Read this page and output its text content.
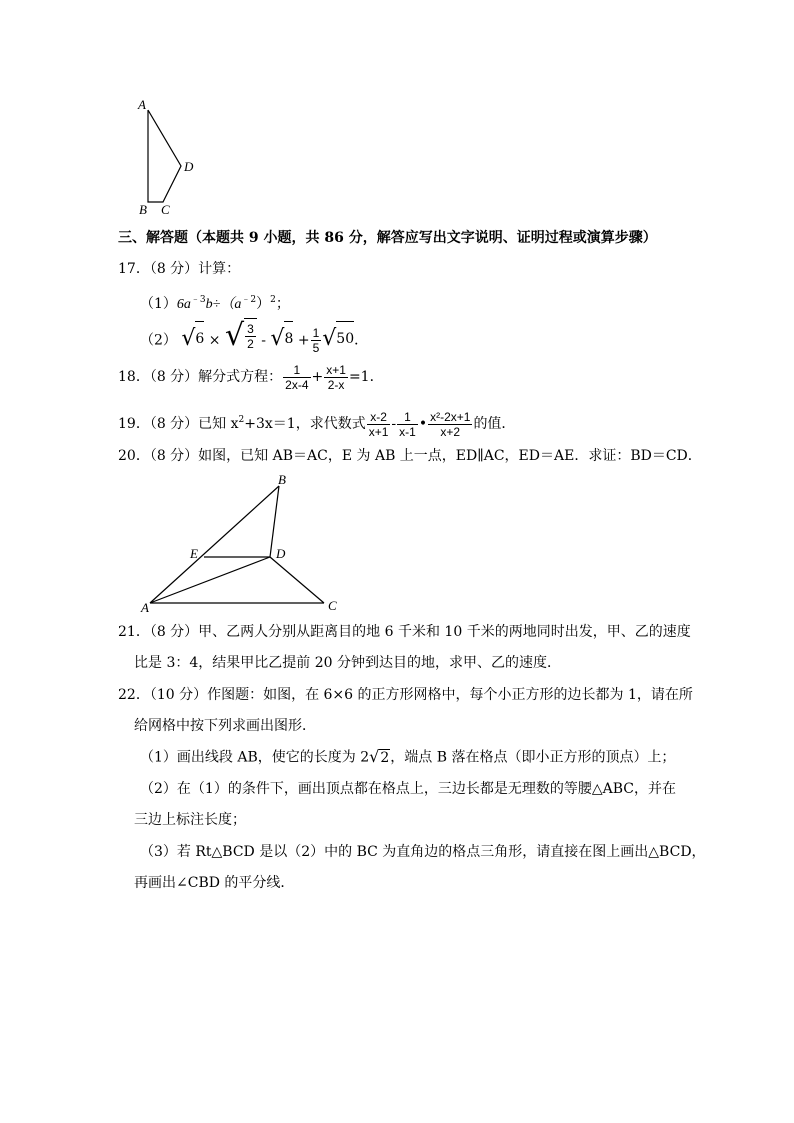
A
B C
D
三、解答题（本题共 9 小题，共 86 分，解答应写出文字说明、证明过程或演算步骤）
17．（8 分）计算：
$(1)6a^{﹣3}b\div(a^{﹣2})^2$；
（2） √ 6 × √ $\frac{3}{2}$ - √ $8 + \frac{1}{5}$ √ 50 ．
18．（8 分）解分式方程： $\frac{1}{2x-4} + \frac{x+1}{2-x} =1$．
19．（8 分）已知 $x^2+3x=1$，求代数式 $\frac{x-2}{x+1} - \frac{1}{x-1}$ • $\frac{\text{x²-2x+1}}{x+2}$ 的值．
20．（8 分）如图，已知 AB＝AC，E 为 AB 上一点，ED∥AC，ED＝AE．求证：BD＝CD．
B
E	D
A	C
21．（8 分）甲、乙两人分别从距离目的地 6 千米和 10 千米的两地同时出发，甲、乙的速度
比是 3：4，结果甲比乙提前 20 分钟到达目的地，求甲、乙的速度．
22．（10 分）作图题：如图，在 6×6 的正方形网格中，每个小正方形的边长都为 1，请在所
给网格中按下列求画出图形．
（1）画出线段 AB，使它的长度为 2√2，端点 B 落在格点（即小正方形的顶点）上；
（2）在（1）的条件下，画出顶点都在格点上，三边长都是无理数的等腰△ABC，并在
三边上标注长度；
（3）若 Rt△BCD 是以（2）中的 BC 为直角边的格点三角形，请直接在图上画出△BCD，
再画出∠CBD 的平分线．
